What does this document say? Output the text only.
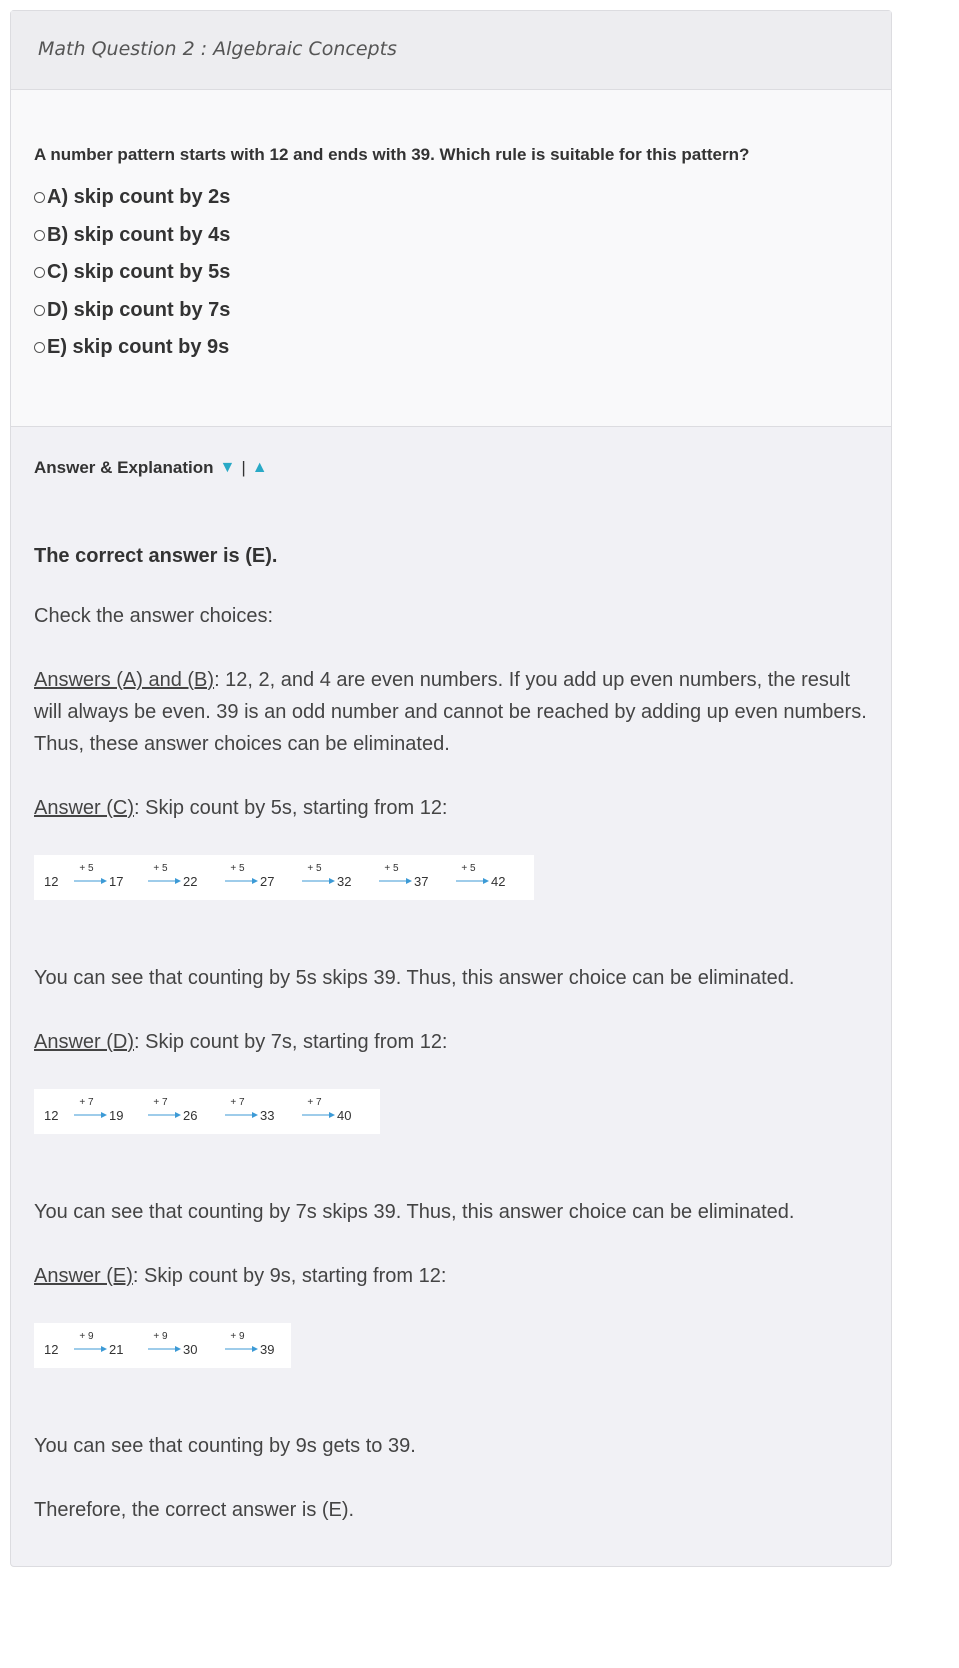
Math Question 2 : Algebraic Concepts
A number pattern starts with 12 and ends with 39. Which rule is suitable for this pattern?
A) skip count by 2s
B) skip count by 4s
C) skip count by 5s
D) skip count by 7s
E) skip count by 9s
Answer & Explanation ▼ | ▲
The correct answer is (E).
Check the answer choices:
Answers (A) and (B): 12, 2, and 4 are even numbers. If you add up even numbers, the result will always be even. 39 is an odd number and cannot be reached by adding up even numbers. Thus, these answer choices can be eliminated.
Answer (C): Skip count by 5s, starting from 12:
12
+ 5
17
+ 5
22
+ 5
27
+ 5
32
+ 5
37
+ 5
42
You can see that counting by 5s skips 39. Thus, this answer choice can be eliminated.
Answer (D): Skip count by 7s, starting from 12:
12
+ 7
19
+ 7
26
+ 7
33
+ 7
40
You can see that counting by 7s skips 39. Thus, this answer choice can be eliminated.
Answer (E): Skip count by 9s, starting from 12:
12
+ 9
21
+ 9
30
+ 9
39
You can see that counting by 9s gets to 39.
Therefore, the correct answer is (E).
